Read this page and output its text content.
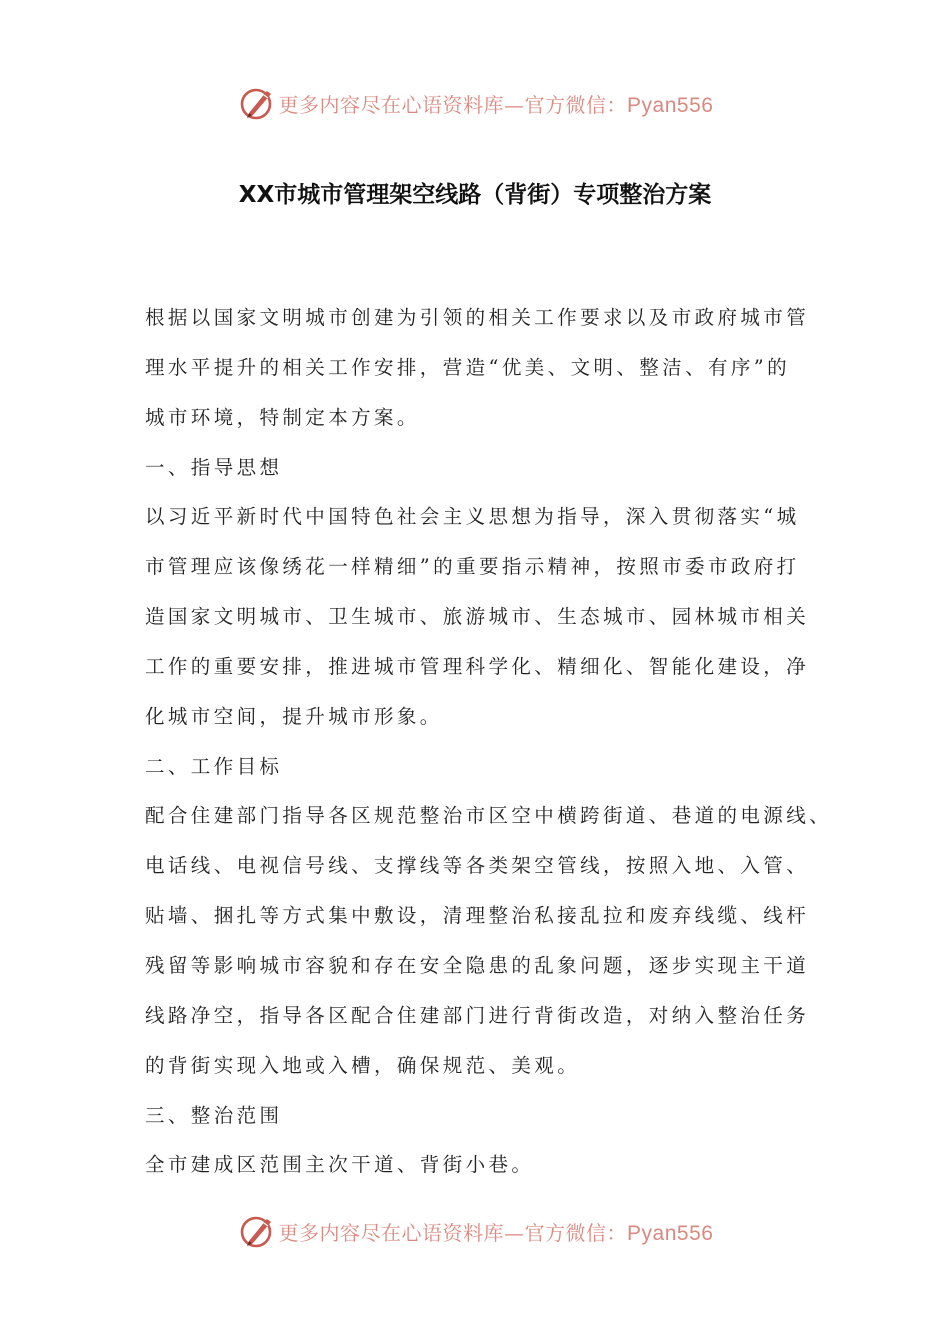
更多内容尽在心语资料库—官方微信：Pyan556
XX市城市管理架空线路（背街）专项整治方案

根据以国家文明城市创建为引领的相关工作要求以及市政府城市管

理水平提升的相关工作安排，营造“优美、文明、整洁、有序”的

城市环境，特制定本方案。

一、指导思想

以习近平新时代中国特色社会主义思想为指导，深入贯彻落实“城

市管理应该像绣花一样精细”的重要指示精神，按照市委市政府打

造国家文明城市、卫生城市、旅游城市、生态城市、园林城市相关

工作的重要安排，推进城市管理科学化、精细化、智能化建设，净

化城市空间，提升城市形象。

二、工作目标

配合住建部门指导各区规范整治市区空中横跨街道、巷道的电源线、

电话线、电视信号线、支撑线等各类架空管线，按照入地、入管、

贴墙、捆扎等方式集中敷设，清理整治私接乱拉和废弃线缆、线杆

残留等影响城市容貌和存在安全隐患的乱象问题，逐步实现主干道

线路净空，指导各区配合住建部门进行背街改造，对纳入整治任务

的背街实现入地或入槽，确保规范、美观。

三、整治范围

全市建成区范围主次干道、背街小巷。

更多内容尽在心语资料库—官方微信：Pyan556
